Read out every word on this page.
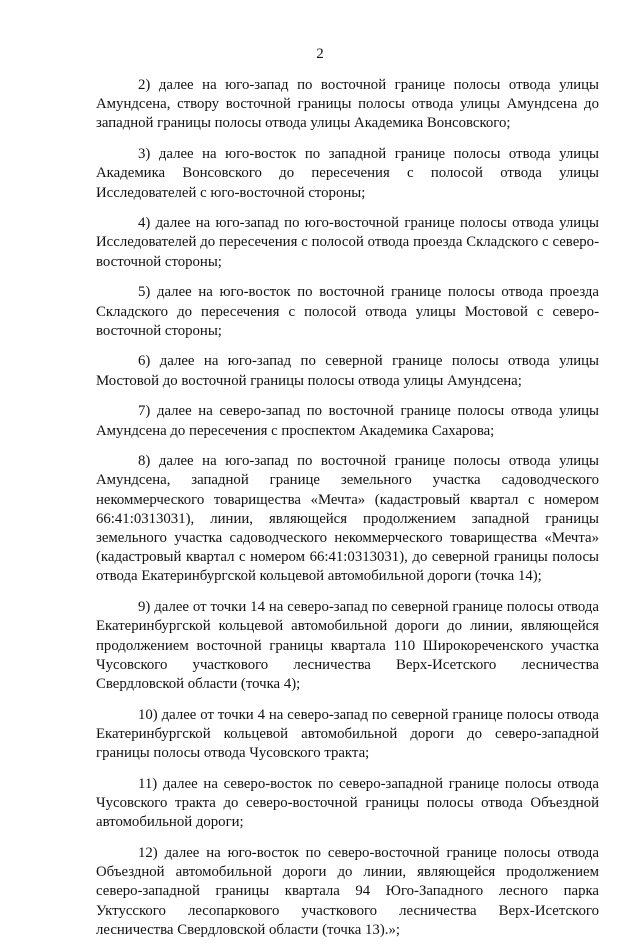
2

2) далее на юго-запад по восточной границе полосы отвода улицы Амундсена, створу восточной границы полосы отвода улицы Амундсена до западной границы полосы отвода улицы Академика Вонсовского;

3) далее на юго-восток по западной границе полосы отвода улицы Академика Вонсовского до пересечения с полосой отвода улицы Исследователей с юго-восточной стороны;

4) далее на юго-запад по юго-восточной границе полосы отвода улицы Исследователей до пересечения с полосой отвода проезда Складского с северо-восточной стороны;

5) далее на юго-восток по восточной границе полосы отвода проезда Складского до пересечения с полосой отвода улицы Мостовой с северо-восточной стороны;

6) далее на юго-запад по северной границе полосы отвода улицы Мостовой до восточной границы полосы отвода улицы Амундсена;

7) далее на северо-запад по восточной границе полосы отвода улицы Амундсена до пересечения с проспектом Академика Сахарова;

8) далее на юго-запад по восточной границе полосы отвода улицы Амундсена, западной границе земельного участка садоводческого некоммерческого товарищества «Мечта» (кадастровый квартал с номером 66:41:0313031), линии, являющейся продолжением западной границы земельного участка садоводческого некоммерческого товарищества «Мечта» (кадастровый квартал с номером 66:41:0313031), до северной границы полосы отвода Екатеринбургской кольцевой автомобильной дороги (точка 14);

9) далее от точки 14 на северо-запад по северной границе полосы отвода Екатеринбургской кольцевой автомобильной дороги до линии, являющейся продолжением восточной границы квартала 110 Широкореченского участка Чусовского участкового лесничества Верх-Исетского лесничества Свердловской области (точка 4);

10) далее от точки 4 на северо-запад по северной границе полосы отвода Екатеринбургской кольцевой автомобильной дороги до северо-западной границы полосы отвода Чусовского тракта;

11) далее на северо-восток по северо-западной границе полосы отвода Чусовского тракта до северо-восточной границы полосы отвода Объездной автомобильной дороги;

12) далее на юго-восток по северо-восточной границе полосы отвода Объездной автомобильной дороги до линии, являющейся продолжением северо-западной границы квартала 94 Юго-Западного лесного парка Уктусского лесопаркового участкового лесничества Верх-Исетского лесничества Свердловской области (точка 13).»;
